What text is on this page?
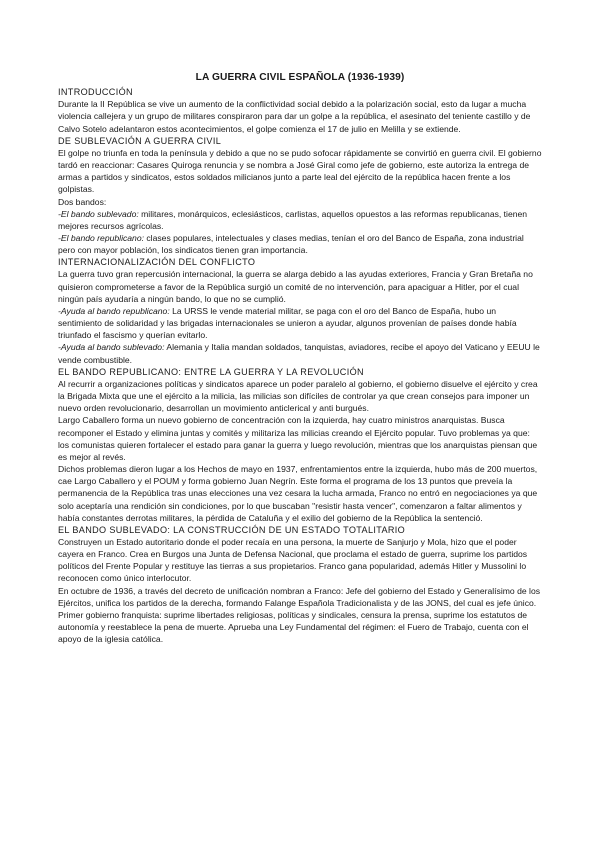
LA GUERRA CIVIL ESPAÑOLA (1936-1939)
INTRODUCCIÓN

Durante la II República se vive un aumento de la conflictividad social debido a la polarización social, esto da lugar a mucha violencia callejera y un grupo de militares conspiraron para dar un golpe a la república, el asesinato del teniente castillo y de Calvo Sotelo adelantaron estos acontecimientos, el golpe comienza el 17 de julio en Melilla y se extiende.

DE SUBLEVACIÓN A GUERRA CIVIL

El golpe no triunfa en toda la península y debido a que no se pudo sofocar rápidamente se convirtió en guerra civil. El gobierno tardó en reaccionar: Casares Quiroga renuncia y se nombra a José Giral como jefe de gobierno, este autoriza la entrega de armas a partidos y sindicatos, estos soldados milicianos junto a parte leal del ejército de la república hacen frente a los golpistas.

Dos bandos:

-El bando sublevado: militares, monárquicos, eclesiásticos, carlistas, aquellos opuestos a las reformas republicanas, tienen mejores recursos agrícolas.

-El bando republicano: clases populares, intelectuales y clases medias, tenían el oro del Banco de España, zona industrial pero con mayor población, los sindicatos tienen gran importancia.

INTERNACIONALIZACIÓN DEL CONFLICTO

La guerra tuvo gran repercusión internacional, la guerra se alarga debido a las ayudas exteriores, Francia y Gran Bretaña no quisieron comprometerse a favor de la República surgió un comité de no intervención, para apaciguar a Hitler, por el cual ningún país ayudaría a ningún bando, lo que no se cumplió.

-Ayuda al bando republicano: La URSS le vende material militar, se paga con el oro del Banco de España, hubo un sentimiento de solidaridad y las brigadas internacionales se unieron a ayudar, algunos provenían de países donde había triunfado el fascismo y querían evitarlo.

-Ayuda al bando sublevado: Alemania y Italia mandan soldados, tanquistas, aviadores, recibe el apoyo del Vaticano y EEUU le vende combustible.

EL BANDO REPUBLICANO: ENTRE LA GUERRA Y LA REVOLUCIÓN

Al recurrir a organizaciones políticas y sindicatos aparece un poder paralelo al gobierno, el gobierno disuelve el ejército y crea la Brigada Mixta que une el ejército a la milicia, las milicias son difíciles de controlar ya que crean consejos para imponer un nuevo orden revolucionario, desarrollan un movimiento anticlerical y anti burgués.

Largo Caballero forma un nuevo gobierno de concentración con la izquierda, hay cuatro ministros anarquistas. Busca recomponer el Estado y elimina juntas y comités y militariza las milicias creando el Ejército popular. Tuvo problemas ya que: los comunistas quieren fortalecer el estado para ganar la guerra y luego revolución, mientras que los anarquistas piensan que es mejor al revés.

Dichos problemas dieron lugar a los Hechos de mayo en 1937, enfrentamientos entre la izquierda, hubo más de 200 muertos, cae Largo Caballero y el POUM y forma gobierno Juan Negrín. Este forma el programa de los 13 puntos que preveía la permanencia de la República tras unas elecciones una vez cesara la lucha armada, Franco no entró en negociaciones ya que solo aceptaría una rendición sin condiciones, por lo que buscaban "resistir hasta vencer", comenzaron a faltar alimentos y había constantes derrotas militares, la pérdida de Cataluña y el exilio del gobierno de la República la sentenció.

EL BANDO SUBLEVADO: LA CONSTRUCCIÓN DE UN ESTADO TOTALITARIO

Construyen un Estado autoritario donde el poder recaía en una persona, la muerte de Sanjurjo y Mola, hizo que el poder cayera en Franco. Crea en Burgos una Junta de Defensa Nacional, que proclama el estado de guerra, suprime los partidos políticos del Frente Popular y restituye las tierras a sus propietarios. Franco gana popularidad, además Hitler y Mussolini lo reconocen como único interlocutor.

En octubre de 1936, a través del decreto de unificación nombran a Franco: Jefe del gobierno del Estado y Generalísimo de los Ejércitos, unifica los partidos de la derecha, formando Falange Española Tradicionalista y de las JONS, del cual es jefe único. Primer gobierno franquista: suprime libertades religiosas, políticas y sindicales, censura la prensa, suprime los estatutos de autonomía y reestablece la pena de muerte. Aprueba una Ley Fundamental del régimen: el Fuero de Trabajo, cuenta con el apoyo de la iglesia católica.
